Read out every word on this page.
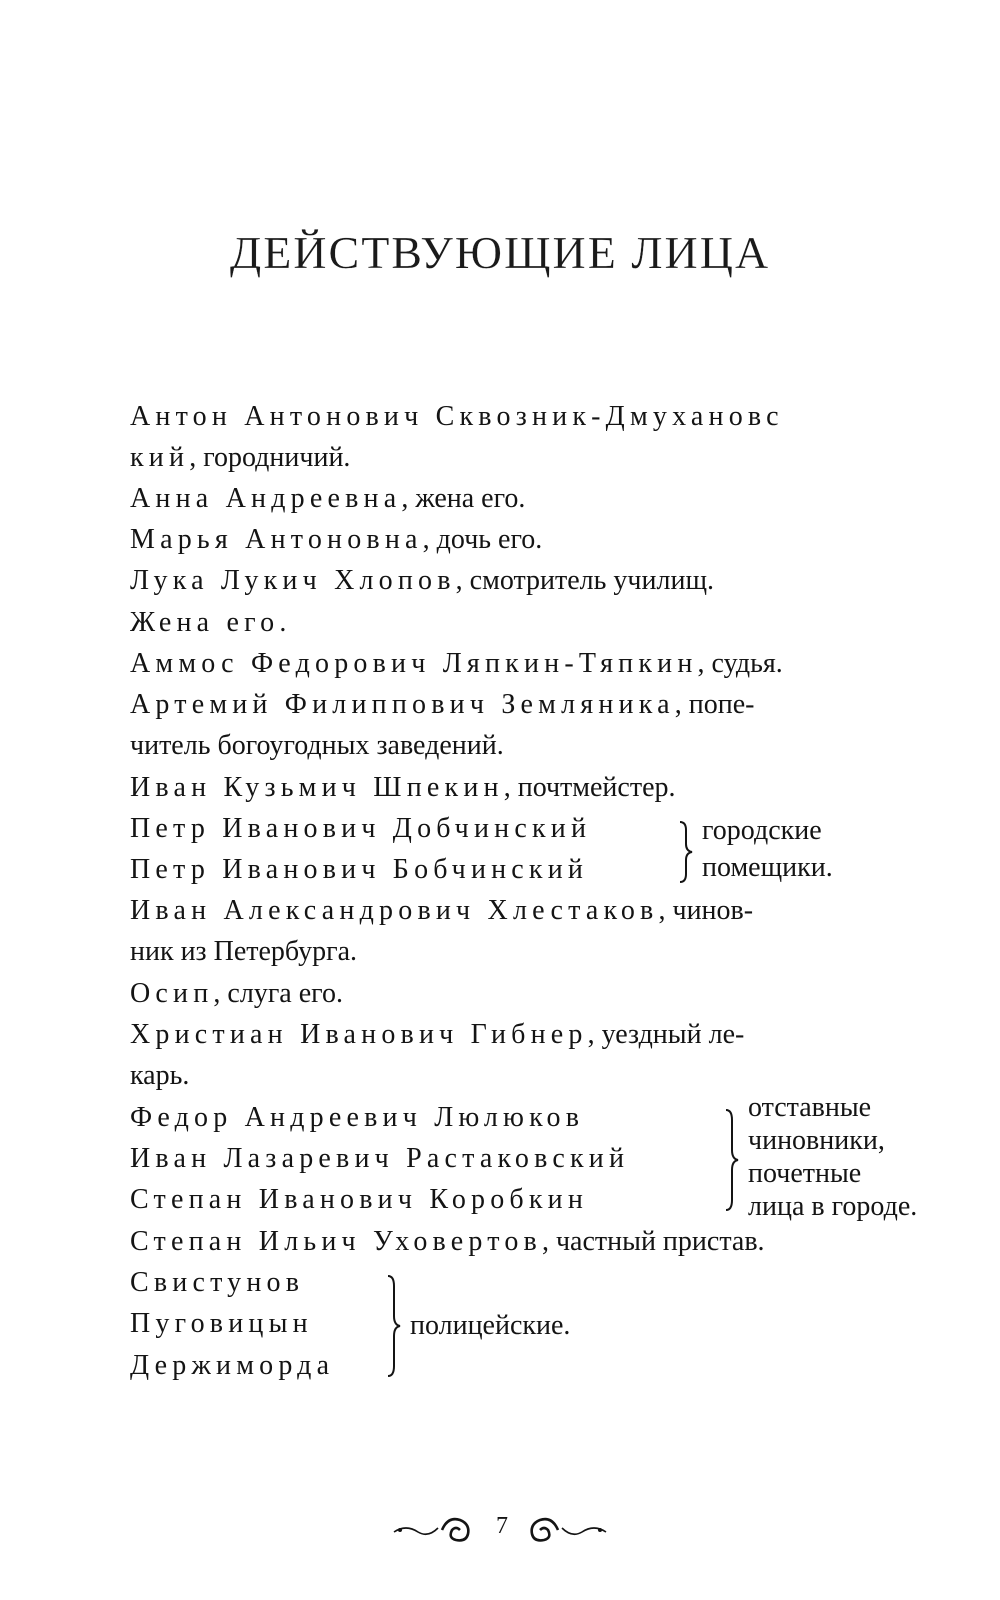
ДЕЙСТВУЮЩИЕ ЛИЦА
Антон Антонович Сквозник-Дмухановс
кий, городничий.
Анна Андреевна, жена его.
Марья Антоновна, дочь его.
Лука Лукич Хлопов, смотритель училищ.
Жена его.
Аммос Федорович Ляпкин-Тяпкин, судья.
Артемий Филиппович Земляника, попе-
читель богоугодных заведений.
Иван Кузьмич Шпекин, почтмейстер.
Петр Иванович Добчинский
Петр Иванович Бобчинский
городские
помещики.
Иван Александрович Хлестаков, чинов-
ник из Петербурга.
Осип, слуга его.
Христиан Иванович Гибнер, уездный ле-
карь.
Федор Андреевич Люлюков
Иван Лазаревич Растаковский
Степан Иванович Коробкин
отставные
чиновники,
почетные
лица в городе.
Степан Ильич Уховертов, частный пристав.
Свистунов
Пуговицын
Держиморда
полицейские.
7
